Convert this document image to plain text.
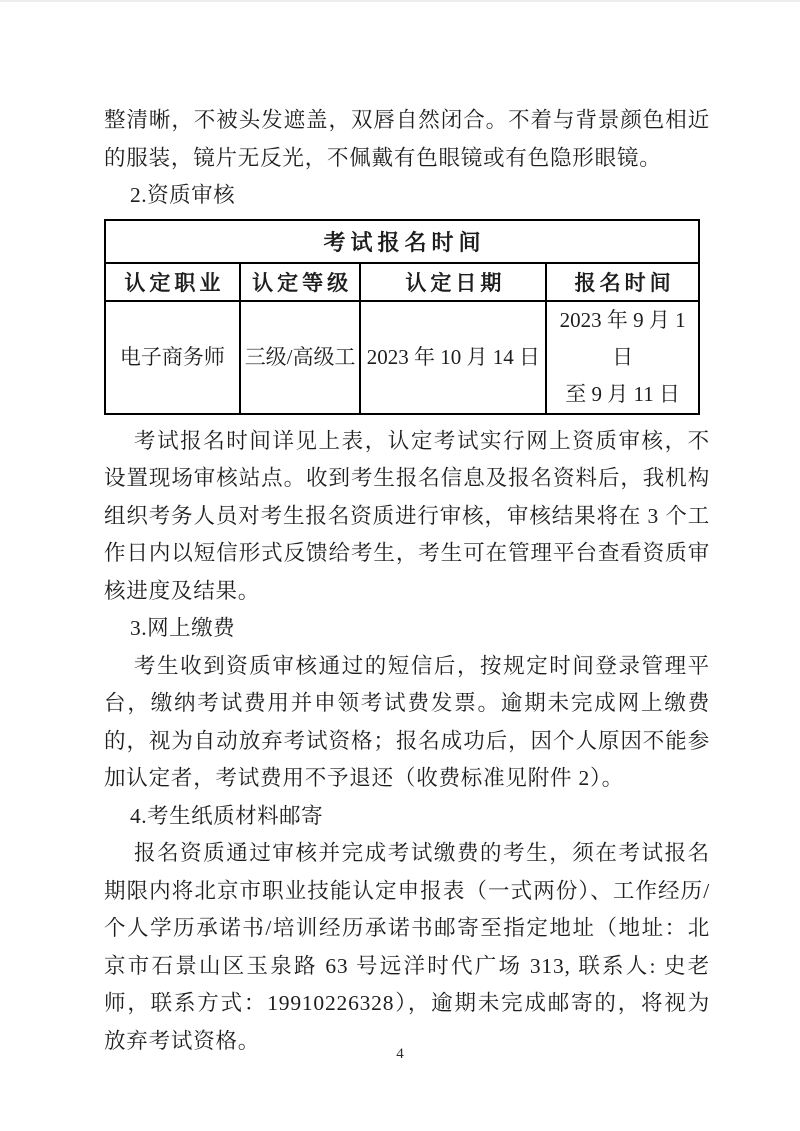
整清晰，不被头发遮盖，双唇自然闭合。不着与背景颜色相近的服装，镜片无反光，不佩戴有色眼镜或有色隐形眼镜。

2.资质审核

考试报名时间			
认定职业	认定等级	认定日期	报名时间
电子商务师	三级/高级工	2023 年 10 月 14 日	2023 年 9 月 1 日
至 9 月 11 日

考试报名时间详见上表，认定考试实行网上资质审核，不设置现场审核站点。收到考生报名信息及报名资料后，我机构组织考务人员对考生报名资质进行审核，审核结果将在 3 个工作日内以短信形式反馈给考生，考生可在管理平台查看资质审核进度及结果。

3.网上缴费

考生收到资质审核通过的短信后，按规定时间登录管理平台，缴纳考试费用并申领考试费发票。逾期未完成网上缴费的，视为自动放弃考试资格；报名成功后，因个人原因不能参加认定者，考试费用不予退还（收费标准见附件 2）。

4.考生纸质材料邮寄

报名资质通过审核并完成考试缴费的考生，须在考试报名期限内将北京市职业技能认定申报表（一式两份）、工作经历/个人学历承诺书/培训经历承诺书邮寄至指定地址（地址：北京市石景山区玉泉路 63 号远洋时代广场 313, 联系人: 史老师，联系方式：19910226328），逾期未完成邮寄的，将视为放弃考试资格。

4
